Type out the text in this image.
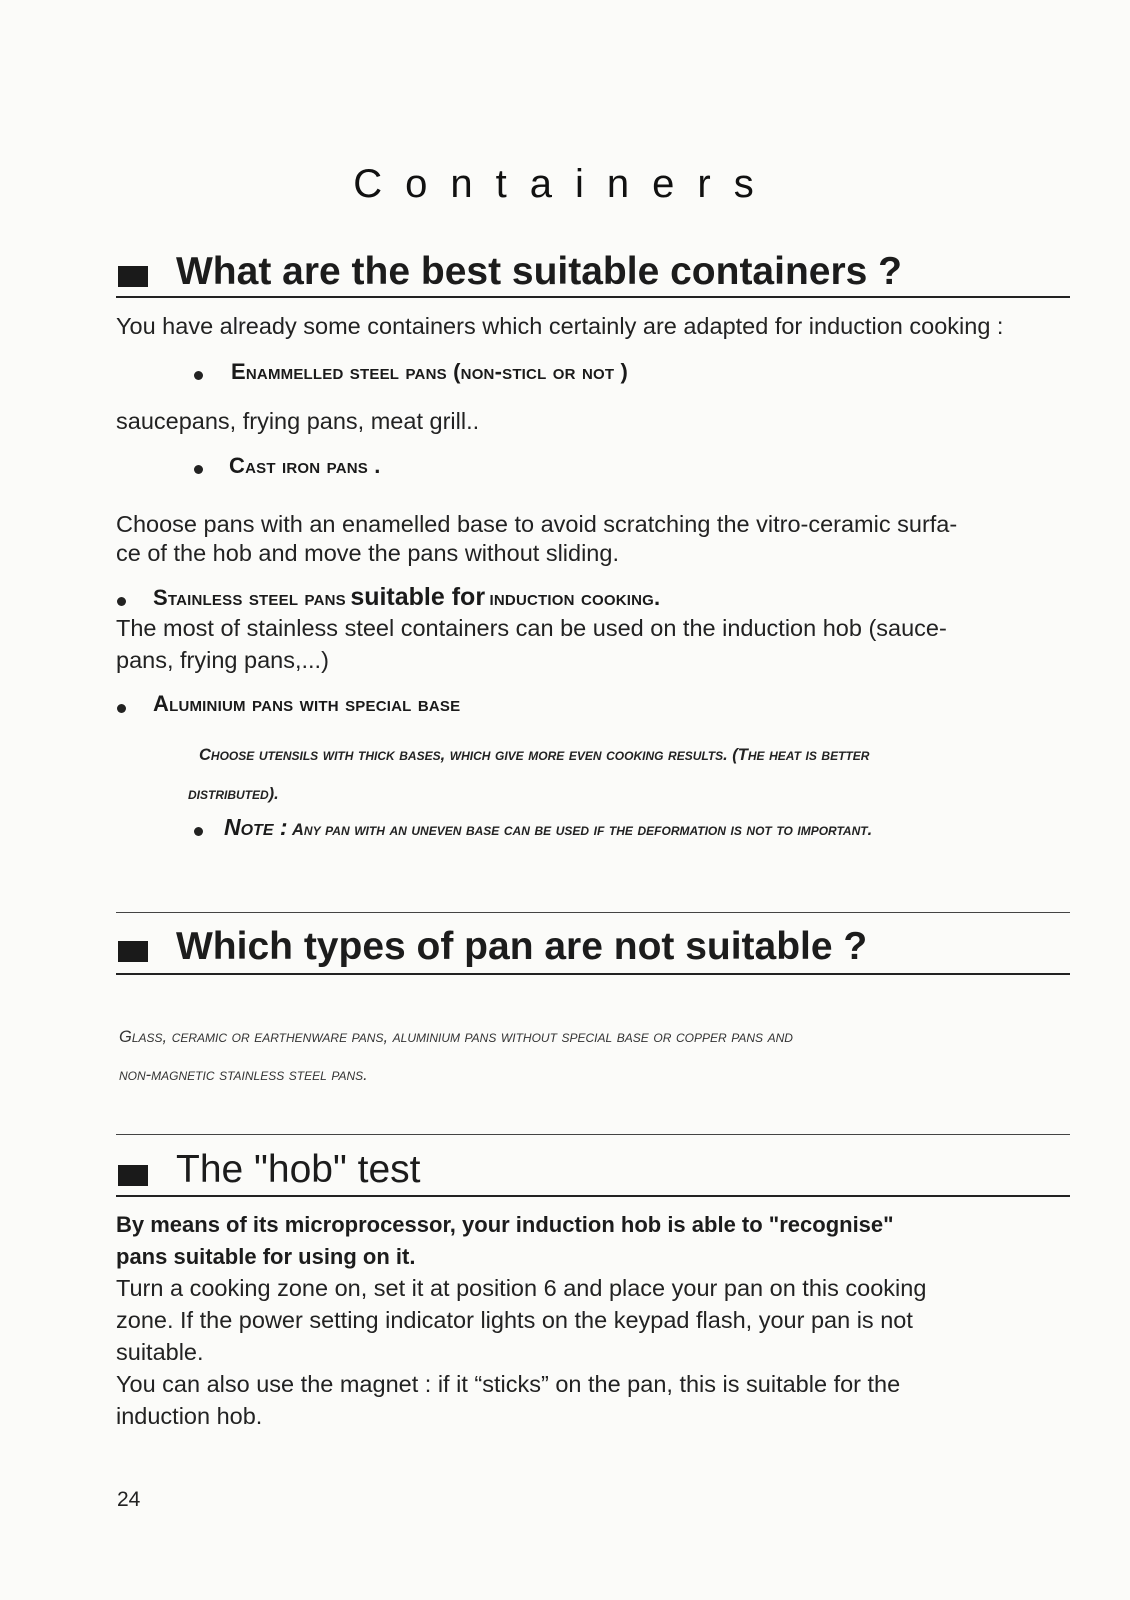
Containers
What are the best suitable containers ?
You have already some containers which certainly are adapted for induction cooking :
Enammelled steel pans (non-sticl or not )
saucepans, frying pans, meat grill..
Cast iron pans .
Choose pans with an enamelled base to avoid scratching the vitro-ceramic surfa-
ce of the hob and move the pans without sliding.
Stainless steel pans suitable for induction cooking.
The most of stainless steel containers can be used on the induction hob (sauce-
pans, frying pans,...)
Aluminium pans with special base
Choose utensils with thick bases, which give more even cooking results. (The heat is better
distributed).
Note : Any pan with an uneven base can be used if the deformation is not to important.
Which types of pan are not suitable ?
Glass, ceramic or earthenware pans, aluminium pans without special base or copper pans and
non-magnetic stainless steel pans.
The "hob" test
By means of its microprocessor, your induction hob is able to "recognise"
pans suitable for using on it.
Turn a cooking zone on, set it at position 6 and place your pan on this cooking
zone. If the power setting indicator lights on the keypad flash, your pan is not
suitable.
You can also use the magnet : if it “sticks” on the pan, this is suitable for the
induction hob.
24
